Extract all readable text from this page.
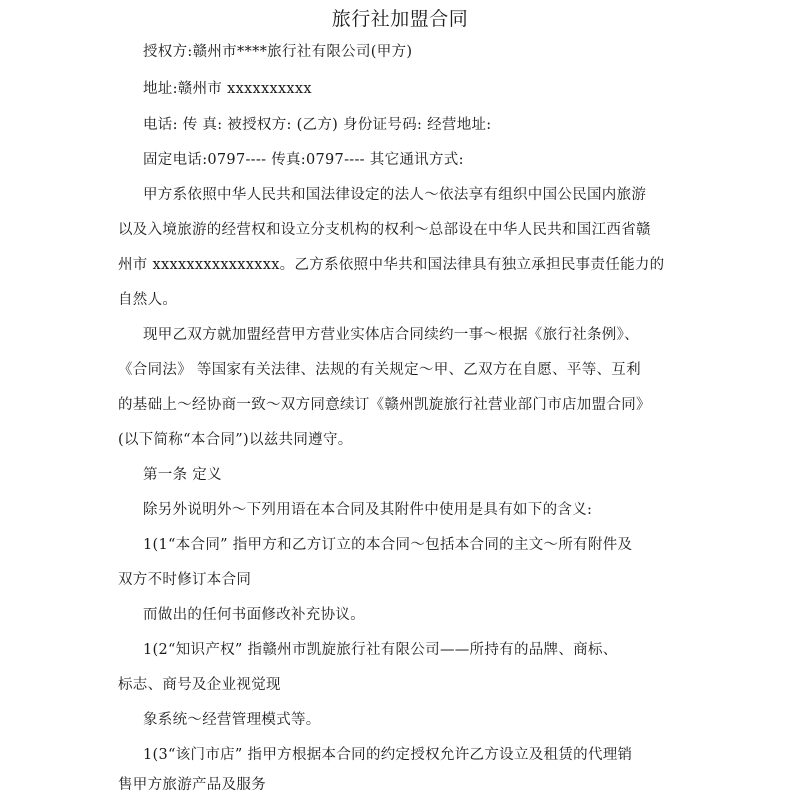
旅行社加盟合同
授权方:赣州市****旅行社有限公司(甲方)
地址:赣州市 xxxxxxxxxx
电话: 传 真: 被授权方: (乙方) 身份证号码: 经营地址:
固定电话:0797---- 传真:0797---- 其它通讯方式:
甲方系依照中华人民共和国法律设定的法人～依法享有组织中国公民国内旅游
以及入境旅游的经营权和设立分支机构的权利～总部设在中华人民共和国江西省赣
州市 xxxxxxxxxxxxxxx。乙方系依照中华共和国法律具有独立承担民事责任能力的
自然人。
现甲乙双方就加盟经营甲方营业实体店合同续约一事～根据《旅行社条例》、
《合同法》 等国家有关法律、法规的有关规定～甲、乙双方在自愿、平等、互利
的基础上～经协商一致～双方同意续订《赣州凯旋旅行社营业部门市店加盟合同》
(以下简称“本合同”)以兹共同遵守。
第一条 定义
除另外说明外～下列用语在本合同及其附件中使用是具有如下的含义:
1(1“本合同” 指甲方和乙方订立的本合同～包括本合同的主文～所有附件及
双方不时修订本合同
而做出的任何书面修改补充协议。
1(2“知识产权” 指赣州市凯旋旅行社有限公司——所持有的品牌、商标、
标志、商号及企业视觉现
象系统～经营管理模式等。
1(3“该门市店” 指甲方根据本合同的约定授权允许乙方设立及租赁的代理销
售甲方旅游产品及服务
